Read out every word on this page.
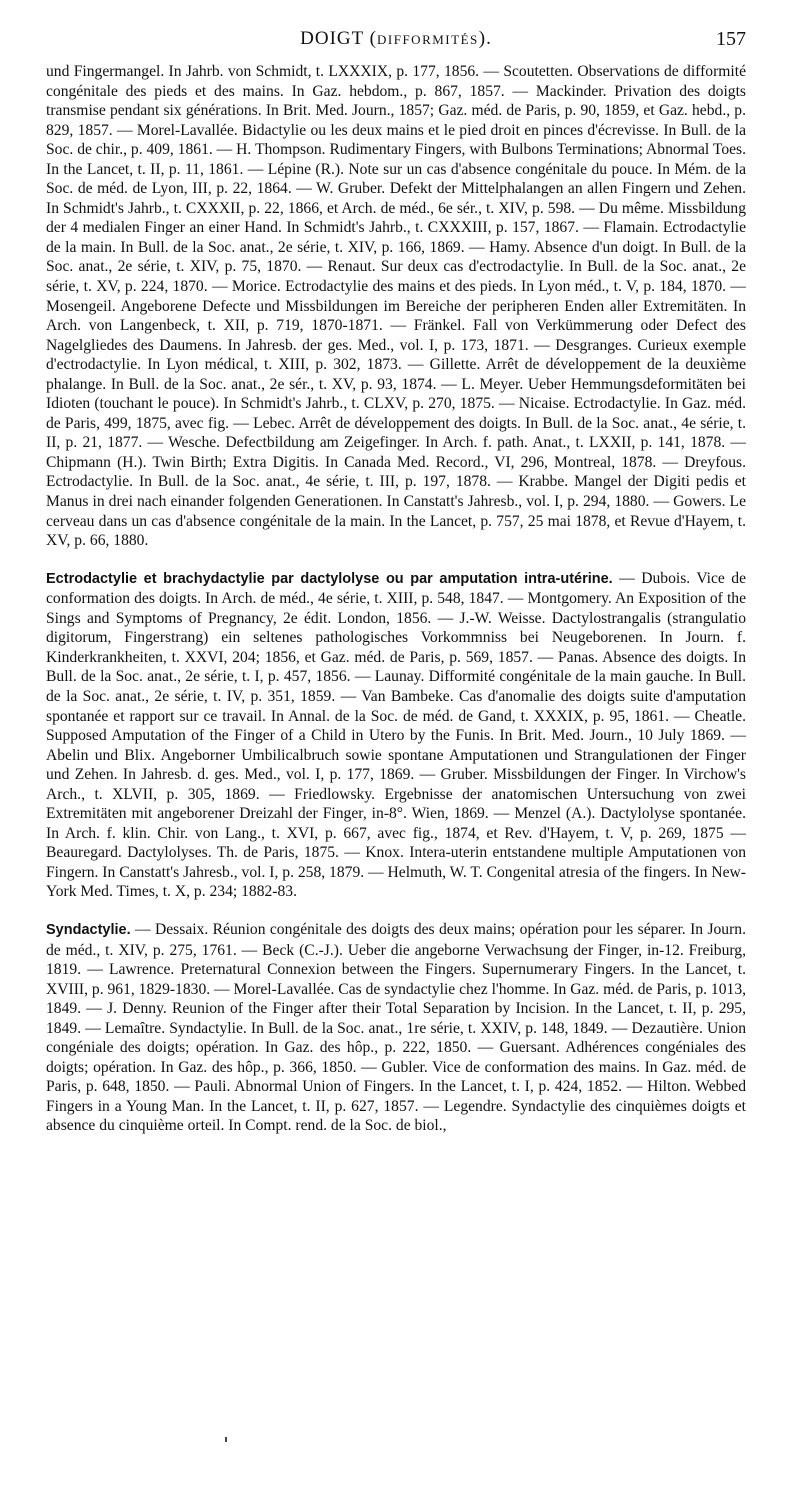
DOIGT (DIFFORMITÉS).	157

und Fingermangel. In Jahrb. von Schmidt, t. LXXXIX, p. 177, 1856. — Scoutetten. Observations de difformité congénitale des pieds et des mains. In Gaz. hebdom., p. 867, 1857. — Mackinder. Privation des doigts transmise pendant six générations. In Brit. Med. Journ., 1857; Gaz. méd. de Paris, p. 90, 1859, et Gaz. hebd., p. 829, 1857. — Morel-Lavallée. Bidactylie ou les deux mains et le pied droit en pinces d'écrevisse. In Bull. de la Soc. de chir., p. 409, 1861. — H. Thompson. Rudimentary Fingers, with Bulbons Terminations; Abnormal Toes. In the Lancet, t. II, p. 11, 1861. — Lépine (R.). Note sur un cas d'absence congénitale du pouce. In Mém. de la Soc. de méd. de Lyon, III, p. 22, 1864. — W. Gruber. Defekt der Mittelphalangen an allen Fingern und Zehen. In Schmidt's Jahrb., t. CXXXII, p. 22, 1866, et Arch. de méd., 6e sér., t. XIV, p. 598. — Du même. Missbildung der 4 medialen Finger an einer Hand. In Schmidt's Jahrb., t. CXXXIII, p. 157, 1867. — Flamain. Ectrodactylie de la main. In Bull. de la Soc. anat., 2e série, t. XIV, p. 166, 1869. — Hamy. Absence d'un doigt. In Bull. de la Soc. anat., 2e série, t. XIV, p. 75, 1870. — Renaut. Sur deux cas d'ectrodactylie. In Bull. de la Soc. anat., 2e série, t. XV, p. 224, 1870. — Morice. Ectrodactylie des mains et des pieds. In Lyon méd., t. V, p. 184, 1870. — Mosengeil. Angeborene Defecte und Missbildungen im Bereiche der peripheren Enden aller Extremitäten. In Arch. von Langenbeck, t. XII, p. 719, 1870-1871. — Fränkel. Fall von Verkümmerung oder Defect des Nagelgliedes des Daumens. In Jahresb. der ges. Med., vol. I, p. 173, 1871. — Desgranges. Curieux exemple d'ectrodactylie. In Lyon médical, t. XIII, p. 302, 1873. — Gillette. Arrêt de développement de la deuxième phalange. In Bull. de la Soc. anat., 2e sér., t. XV, p. 93, 1874. — L. Meyer. Ueber Hemmungsdeformitäten bei Idioten (touchant le pouce). In Schmidt's Jahrb., t. CLXV, p. 270, 1875. — Nicaise. Ectrodactylie. In Gaz. méd. de Paris, 499, 1875, avec fig. — Lebec. Arrêt de développement des doigts. In Bull. de la Soc. anat., 4e série, t. II, p. 21, 1877. — Wesche. Defectbildung am Zeigefinger. In Arch. f. path. Anat., t. LXXII, p. 141, 1878. — Chipmann (H.). Twin Birth; Extra Digitis. In Canada Med. Record., VI, 296, Montreal, 1878. — Dreyfous. Ectrodactylie. In Bull. de la Soc. anat., 4e série, t. III, p. 197, 1878. — Krabbe. Mangel der Digiti pedis et Manus in drei nach einander folgenden Generationen. In Canstatt's Jahresb., vol. I, p. 294, 1880. — Gowers. Le cerveau dans un cas d'absence congénitale de la main. In the Lancet, p. 757, 25 mai 1878, et Revue d'Hayem, t. XV, p. 66, 1880.

Ectrodactylie et brachydactylie par dactylolyse ou par amputation intra-utérine. — Dubois. Vice de conformation des doigts. In Arch. de méd., 4e série, t. XIII, p. 548, 1847. — Montgomery. An Exposition of the Sings and Symptoms of Pregnancy, 2e édit. London, 1856. — J.-W. Weisse. Dactylostrangalis (strangulatio digitorum, Fingerstrang) ein seltenes pathologisches Vorkommniss bei Neugeborenen. In Journ. f. Kinderkrankheiten, t. XXVI, 204; 1856, et Gaz. méd. de Paris, p. 569, 1857. — Panas. Absence des doigts. In Bull. de la Soc. anat., 2e série, t. I, p. 457, 1856. — Launay. Difformité congénitale de la main gauche. In Bull. de la Soc. anat., 2e série, t. IV, p. 351, 1859. — Van Bambeke. Cas d'anomalie des doigts suite d'amputation spontanée et rapport sur ce travail. In Annal. de la Soc. de méd. de Gand, t. XXXIX, p. 95, 1861. — Cheatle. Supposed Amputation of the Finger of a Child in Utero by the Funis. In Brit. Med. Journ., 10 July 1869. — Abelin und Blix. Angeborner Umbilicalbruch sowie spontane Amputationen und Strangulationen der Finger und Zehen. In Jahresb. d. ges. Med., vol. I, p. 177, 1869. — Gruber. Missbildungen der Finger. In Virchow's Arch., t. XLVII, p. 305, 1869. — Friedlowsky. Ergebnisse der anatomischen Untersuchung von zwei Extremitäten mit angeborener Dreizahl der Finger, in-8°. Wien, 1869. — Menzel (A.). Dactylolyse spontanée. In Arch. f. klin. Chir. von Lang., t. XVI, p. 667, avec fig., 1874, et Rev. d'Hayem, t. V, p. 269, 1875 — Beauregard. Dactylolyses. Th. de Paris, 1875. — Knox. Intera-uterin entstandene multiple Amputationen von Fingern. In Canstatt's Jahresb., vol. I, p. 258, 1879. — Helmuth, W. T. Congenital atresia of the fingers. In New-York Med. Times, t. X, p. 234; 1882-83.

Syndactylie. — Dessaix. Réunion congénitale des doigts des deux mains; opération pour les séparer. In Journ. de méd., t. XIV, p. 275, 1761. — Beck (C.-J.). Ueber die angeborne Verwachsung der Finger, in-12. Freiburg, 1819. — Lawrence. Preternatural Connexion between the Fingers. Supernumerary Fingers. In the Lancet, t. XVIII, p. 961, 1829-1830. — Morel-Lavallée. Cas de syndactylie chez l'homme. In Gaz. méd. de Paris, p. 1013, 1849. — J. Denny. Reunion of the Finger after their Total Separation by Incision. In the Lancet, t. II, p. 295, 1849. — Lemaître. Syndactylie. In Bull. de la Soc. anat., 1re série, t. XXIV, p. 148, 1849. — Dezautière. Union congéniale des doigts; opération. In Gaz. des hôp., p. 222, 1850. — Guersant. Adhérences congéniales des doigts; opération. In Gaz. des hôp., p. 366, 1850. — Gubler. Vice de conformation des mains. In Gaz. méd. de Paris, p. 648, 1850. — Pauli. Abnormal Union of Fingers. In the Lancet, t. I, p. 424, 1852. — Hilton. Webbed Fingers in a Young Man. In the Lancet, t. II, p. 627, 1857. — Legendre. Syndactylie des cinquièmes doigts et absence du cinquième orteil. In Compt. rend. de la Soc. de biol.,
